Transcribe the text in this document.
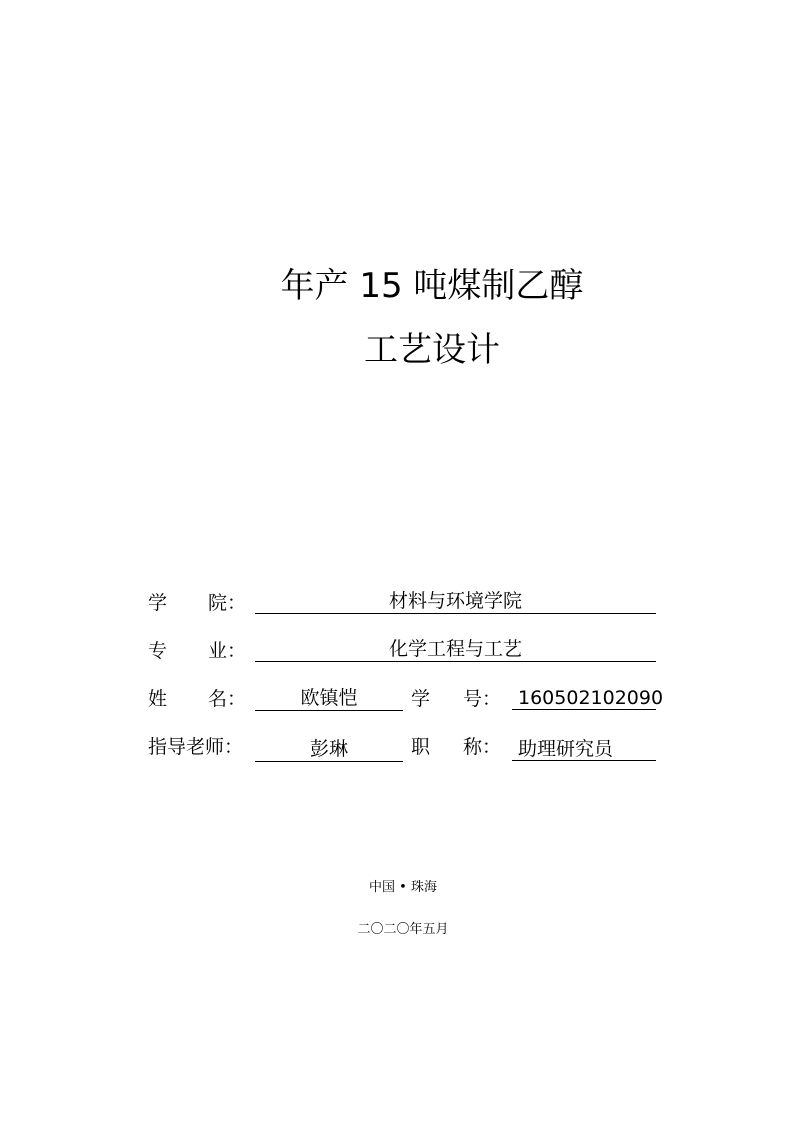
年产 15 吨煤制乙醇
工艺设计
学 院：	材料与环境学院
专 业：	化学工程与工艺
姓 名：	欧镇恺	学 号： 160502102090
指导老师：	彭琳	职 称： 助理研究员
中国 • 珠海
二〇二〇年五月
